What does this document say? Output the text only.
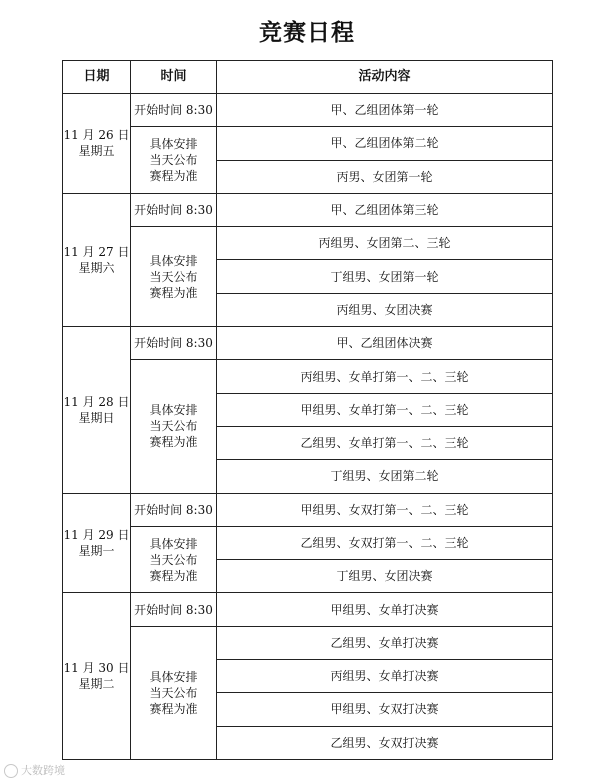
竞赛日程
日期	时间	活动内容

11 月 26 日
星期五	开始时间 8:30	甲、乙组团体第一轮

	具体安排
当天公布
赛程为准	甲、乙组团体第二轮
		丙男、女团第一轮

11 月 27 日
星期六	开始时间 8:30	甲、乙组团体第三轮

	具体安排
当天公布
赛程为准	丙组男、女团第二、三轮
		丁组男、女团第一轮
		丙组男、女团决赛

11 月 28 日
星期日	开始时间 8:30	甲、乙组团体决赛

	具体安排
当天公布
赛程为准	丙组男、女单打第一、二、三轮
		甲组男、女单打第一、二、三轮
		乙组男、女单打第一、二、三轮
		丁组男、女团第二轮

11 月 29 日
星期一	开始时间 8:30	甲组男、女双打第一、二、三轮

	具体安排
当天公布
赛程为准	乙组男、女双打第一、二、三轮
		丁组男、女团决赛

11 月 30 日
星期二	开始时间 8:30	甲组男、女单打决赛

	具体安排
当天公布
赛程为准	乙组男、女单打决赛
		丙组男、女单打决赛
		甲组男、女双打决赛
		乙组男、女双打决赛
大数跨境
